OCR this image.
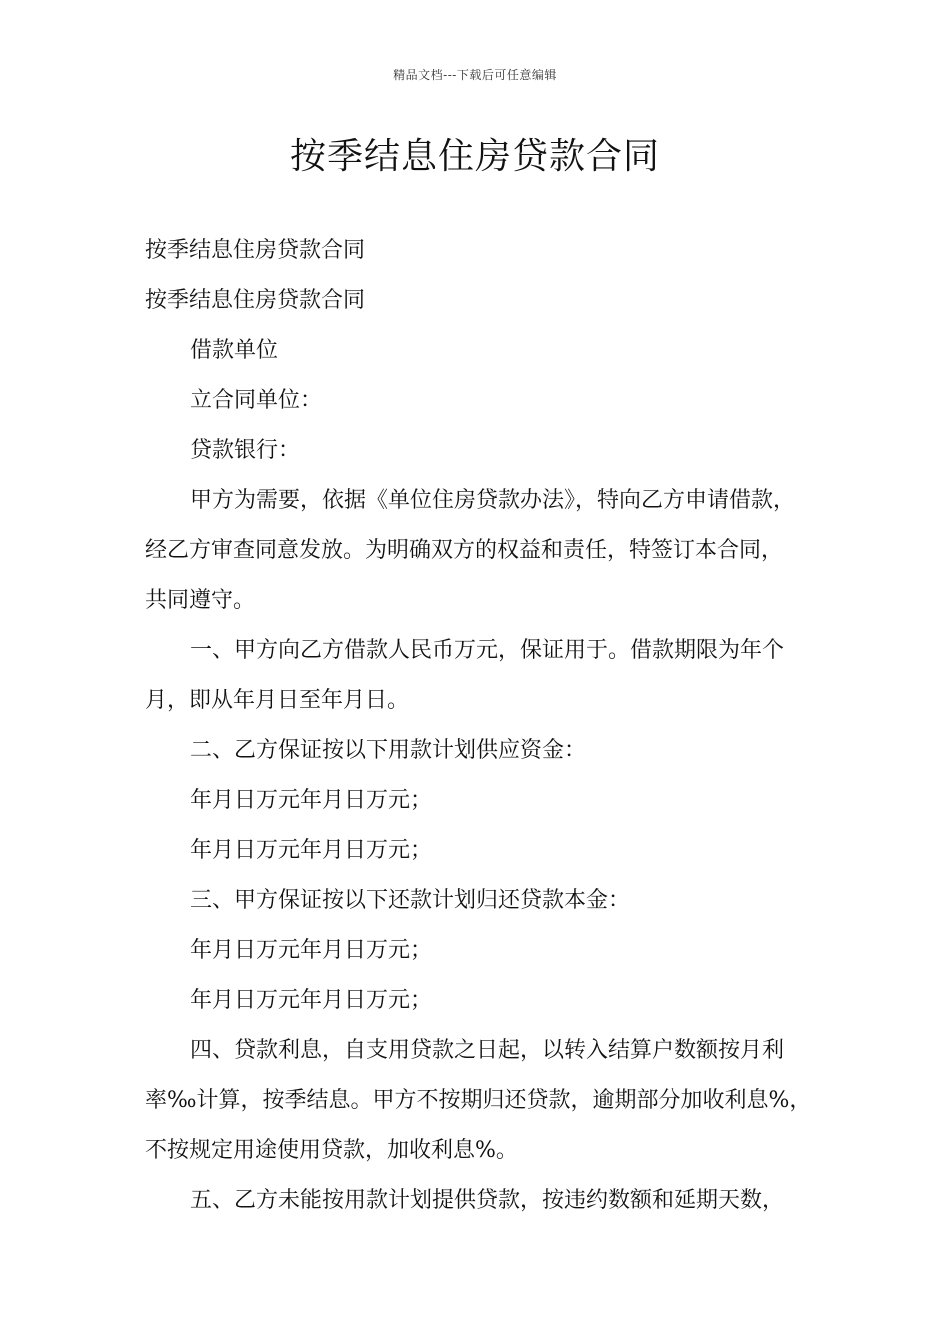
精品文档---下载后可任意编辑
按季结息住房贷款合同
按季结息住房贷款合同
按季结息住房贷款合同
借款单位
立合同单位：
贷款银行：
甲方为需要，依据《单位住房贷款办法》，特向乙方申请借款，
经乙方审查同意发放。为明确双方的权益和责任，特签订本合同，
共同遵守。
一、甲方向乙方借款人民币万元，保证用于。借款期限为年个
月，即从年月日至年月日。
二、乙方保证按以下用款计划供应资金：
年月日万元年月日万元；
年月日万元年月日万元；
三、甲方保证按以下还款计划归还贷款本金：
年月日万元年月日万元；
年月日万元年月日万元；
四、贷款利息，自支用贷款之日起，以转入结算户数额按月利
率‰计算，按季结息。甲方不按期归还贷款，逾期部分加收利息%，
不按规定用途使用贷款，加收利息%。
五、乙方未能按用款计划提供贷款，按违约数额和延期天数，
